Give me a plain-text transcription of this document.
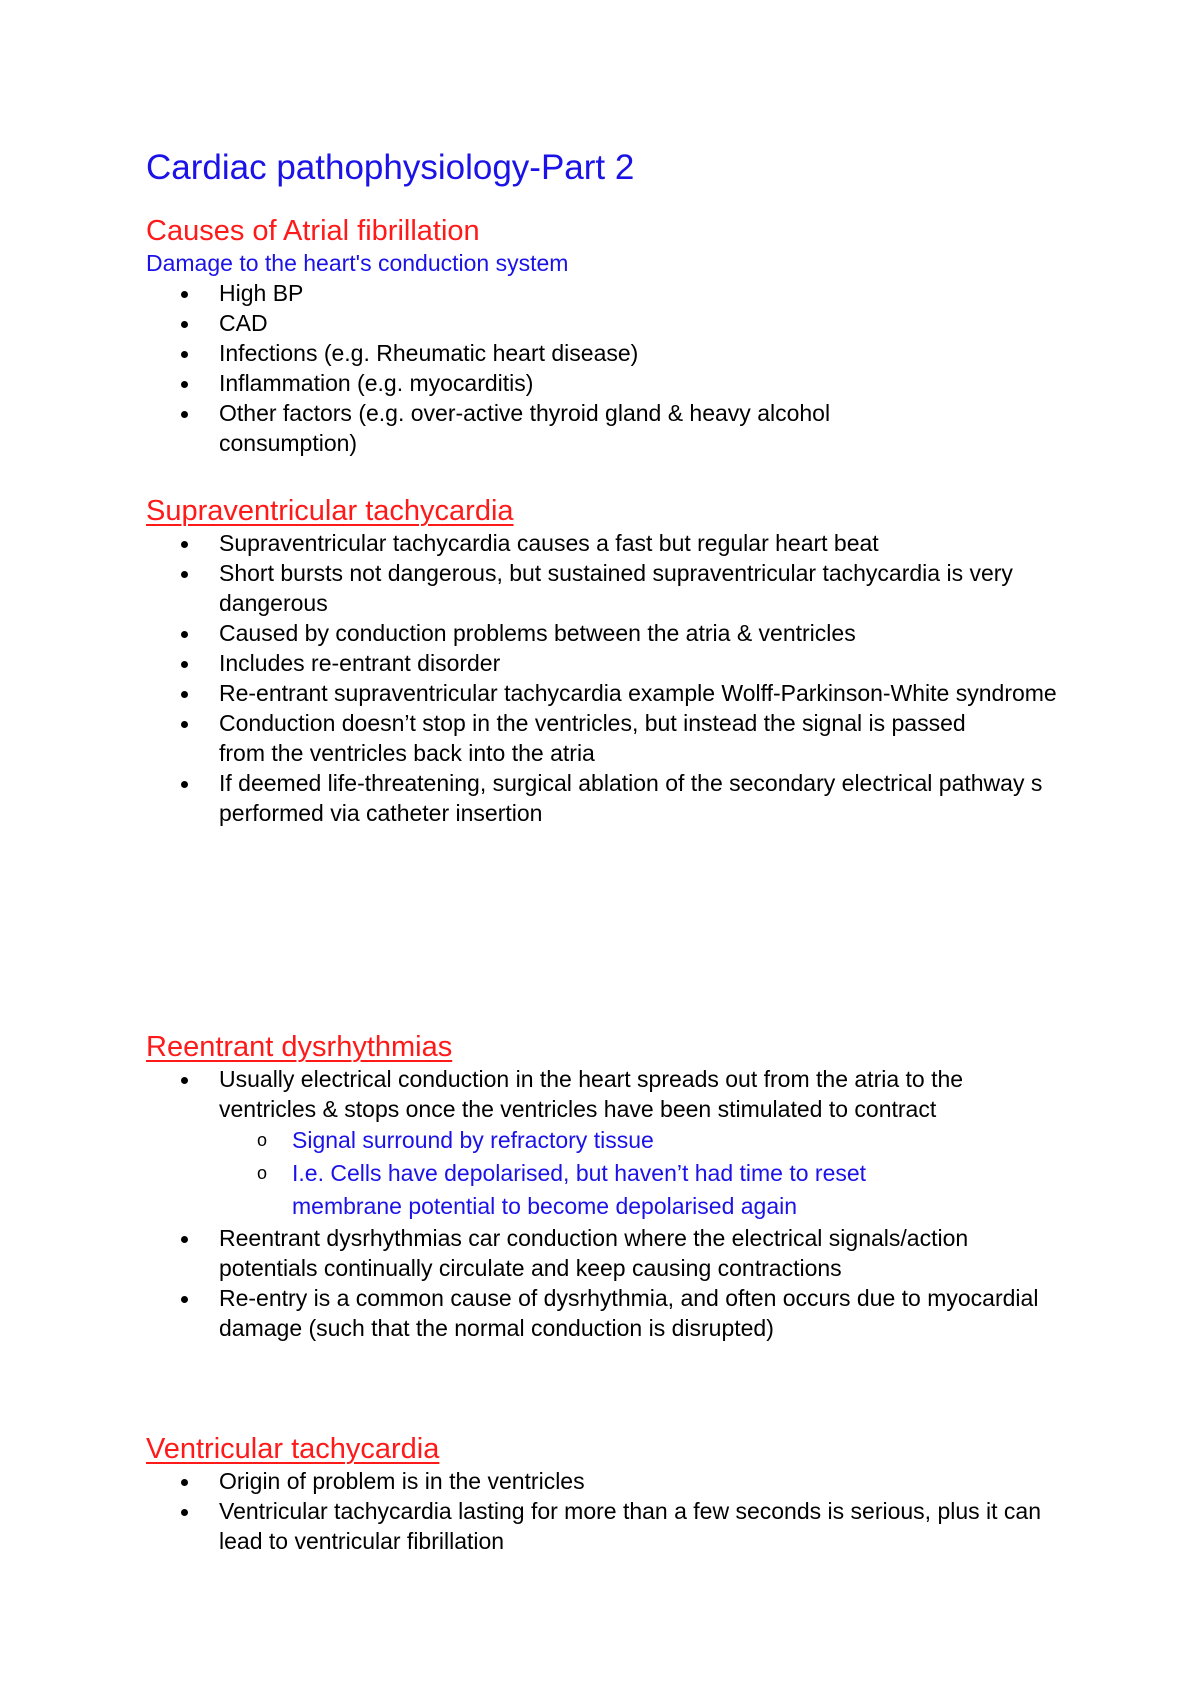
Cardiac pathophysiology-Part 2
Causes of Atrial fibrillation
Damage to the heart's conduction system
High BP
CAD
Infections (e.g. Rheumatic heart disease)
Inflammation (e.g. myocarditis)
Other factors (e.g. over-active thyroid gland & heavy alcohol consumption)
Supraventricular tachycardia
Supraventricular tachycardia causes a fast but regular heart beat
Short bursts not dangerous, but sustained supraventricular tachycardia is very dangerous
Caused by conduction problems between the atria & ventricles
Includes re-entrant disorder
Re-entrant supraventricular tachycardia example Wolff-Parkinson-White syndrome
Conduction doesn’t stop in the ventricles, but instead the signal is passed from the ventricles back into the atria
If deemed life-threatening, surgical ablation of the secondary electrical pathway s performed via catheter insertion
Reentrant dysrhythmias
Usually electrical conduction in the heart spreads out from the atria to the ventricles & stops once the ventricles have been stimulated to contract
o Signal surround by refractory tissue
o I.e. Cells have depolarised, but haven’t had time to reset membrane potential to become depolarised again
Reentrant dysrhythmias car conduction where the electrical signals/action potentials continually circulate and keep causing contractions
Re-entry is a common cause of dysrhythmia, and often occurs due to myocardial damage (such that the normal conduction is disrupted)
Ventricular tachycardia
Origin of problem is in the ventricles
Ventricular tachycardia lasting for more than a few seconds is serious, plus it can lead to ventricular fibrillation
